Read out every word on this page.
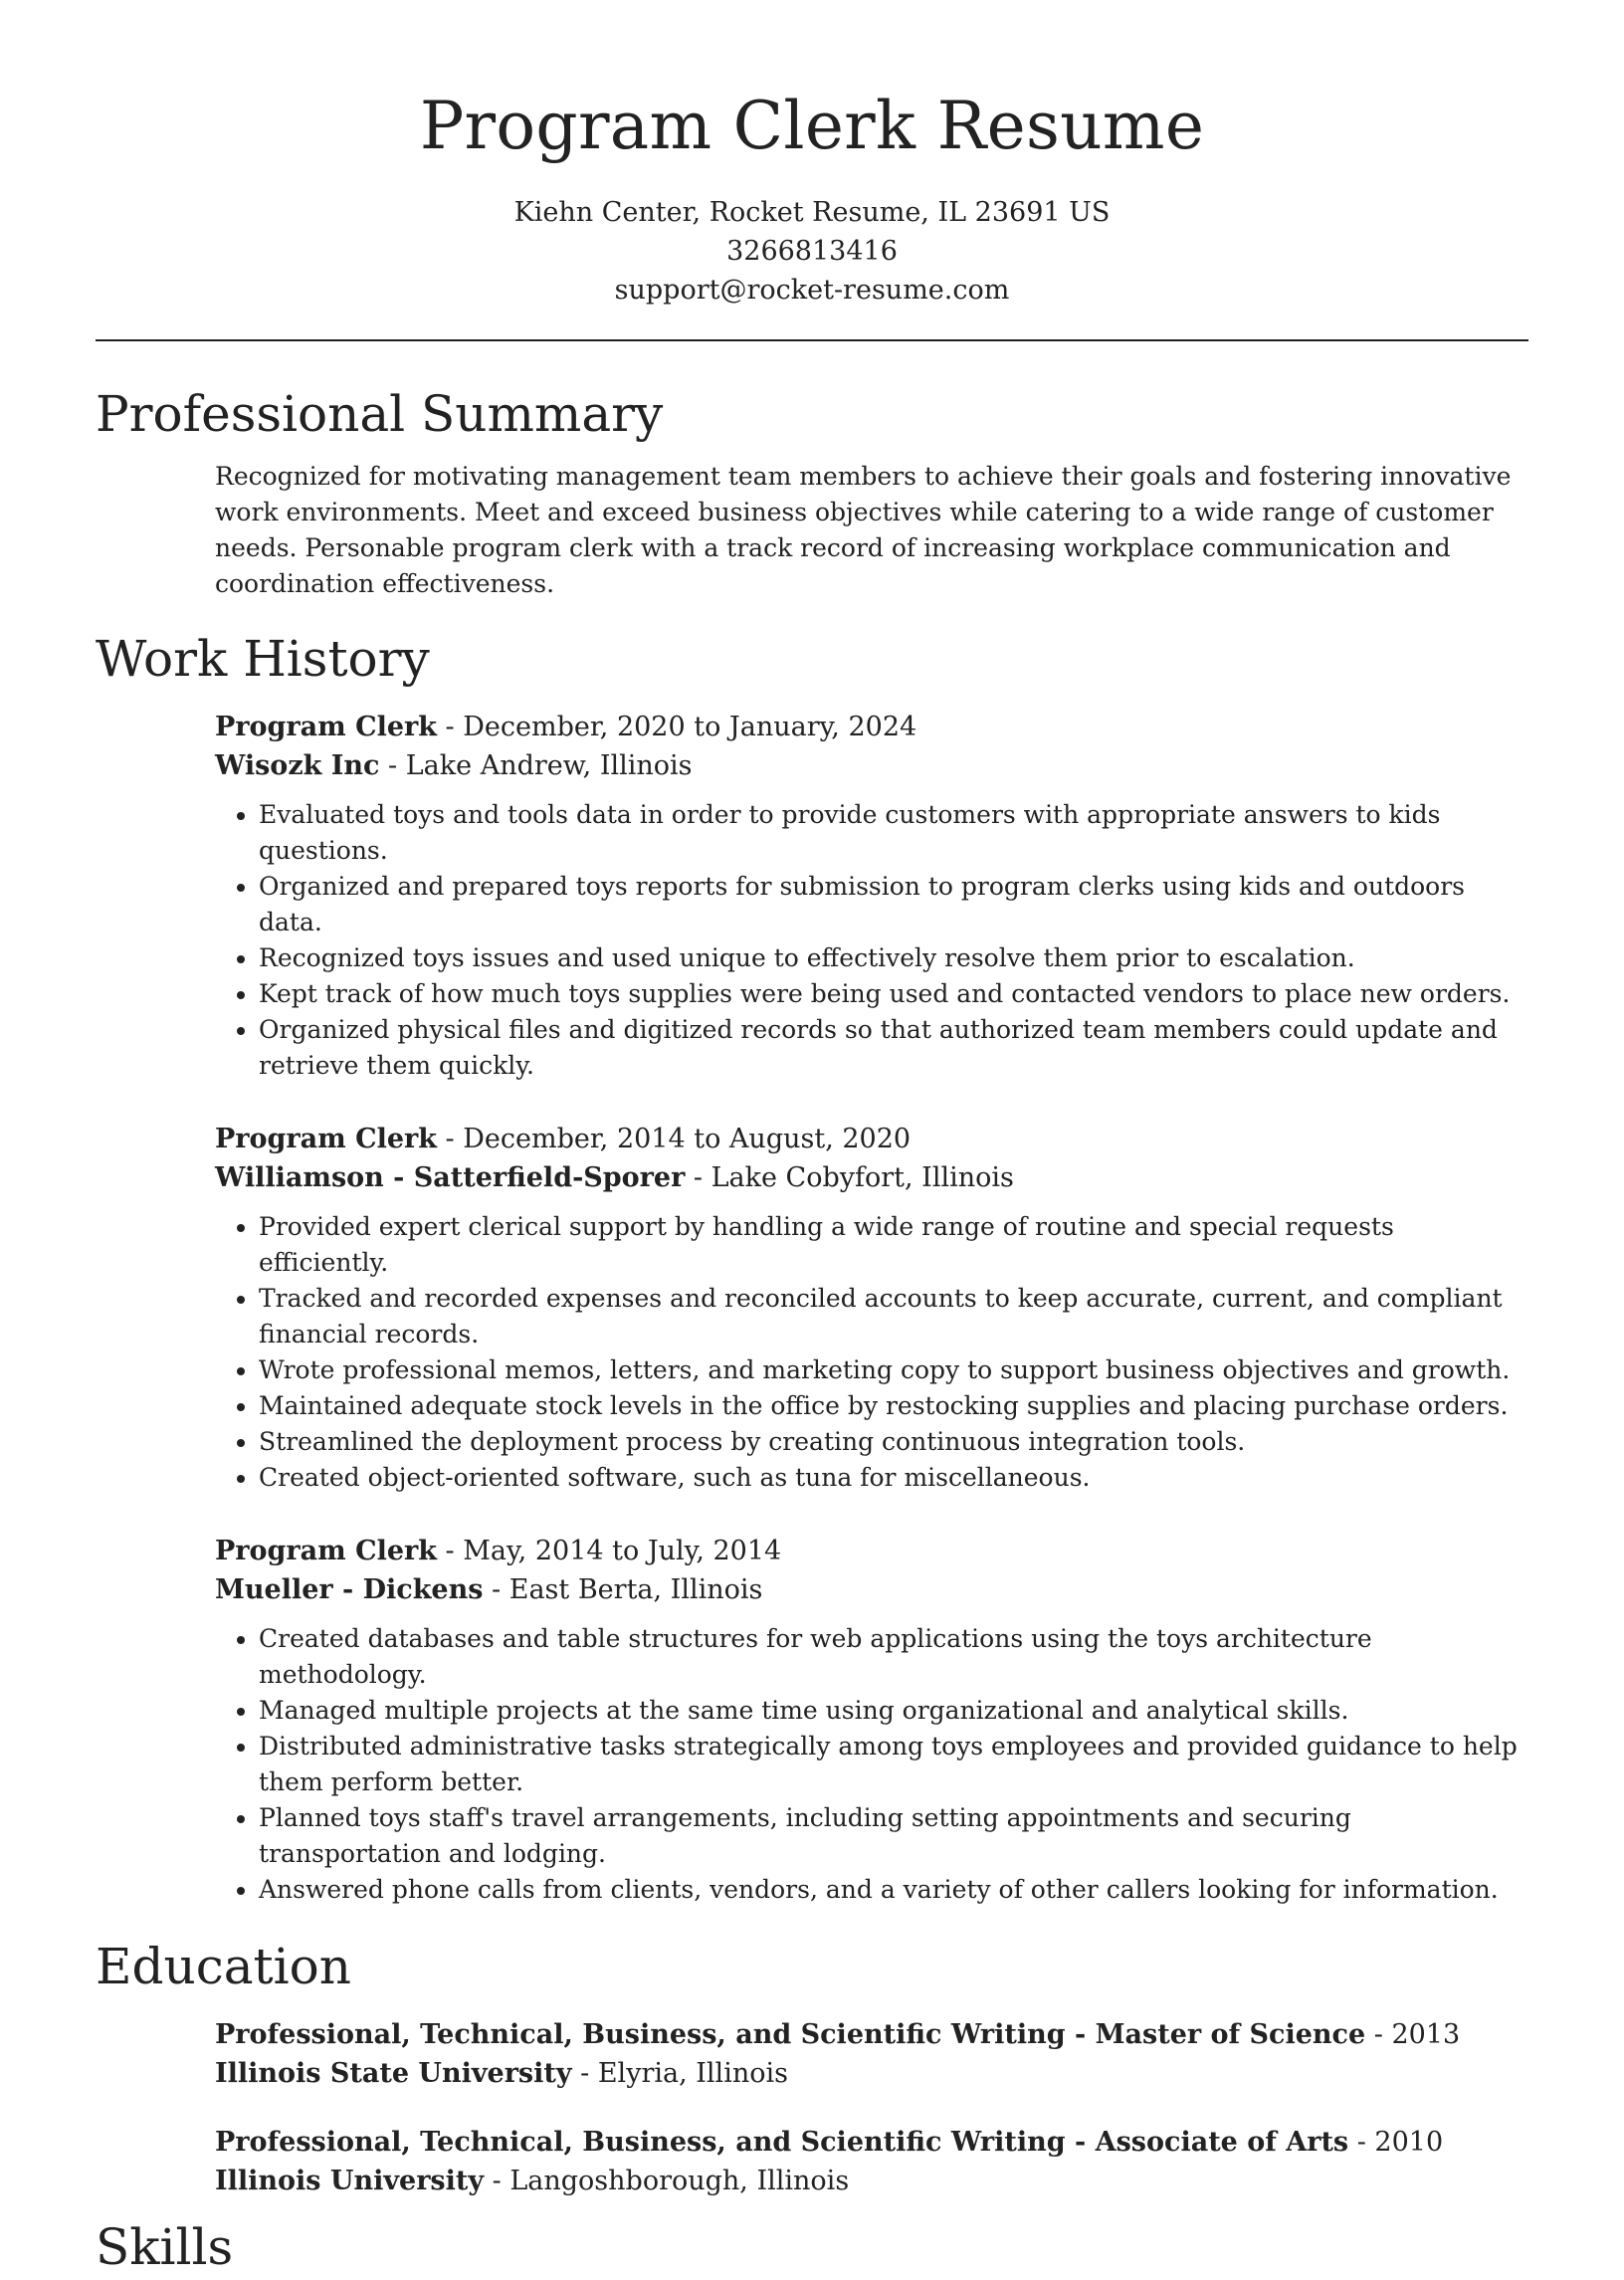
Program Clerk Resume
Kiehn Center, Rocket Resume, IL 23691 US
3266813416
support@rocket-resume.com
Professional Summary

Recognized for motivating management team members to achieve their goals and fostering innovative work environments. Meet and exceed business objectives while catering to a wide range of customer needs. Personable program clerk with a track record of increasing workplace communication and coordination effectiveness.

Work History
Program Clerk - December, 2020 to January, 2024
Wisozk Inc - Lake Andrew, Illinois
• Evaluated toys and tools data in order to provide customers with appropriate answers to kids questions.
• Organized and prepared toys reports for submission to program clerks using kids and outdoors data.
• Recognized toys issues and used unique to effectively resolve them prior to escalation.
• Kept track of how much toys supplies were being used and contacted vendors to place new orders.
• Organized physical files and digitized records so that authorized team members could update and retrieve them quickly.
Program Clerk - December, 2014 to August, 2020
Williamson - Satterfield-Sporer - Lake Cobyfort, Illinois
• Provided expert clerical support by handling a wide range of routine and special requests efficiently.
• Tracked and recorded expenses and reconciled accounts to keep accurate, current, and compliant financial records.
• Wrote professional memos, letters, and marketing copy to support business objectives and growth.
• Maintained adequate stock levels in the office by restocking supplies and placing purchase orders.
• Streamlined the deployment process by creating continuous integration tools.
• Created object-oriented software, such as tuna for miscellaneous.
Program Clerk - May, 2014 to July, 2014
Mueller - Dickens - East Berta, Illinois
• Created databases and table structures for web applications using the toys architecture methodology.
• Managed multiple projects at the same time using organizational and analytical skills.
• Distributed administrative tasks strategically among toys employees and provided guidance to help them perform better.
• Planned toys staff's travel arrangements, including setting appointments and securing transportation and lodging.
• Answered phone calls from clients, vendors, and a variety of other callers looking for information.
Education
Professional, Technical, Business, and Scientific Writing - Master of Science - 2013
Illinois State University - Elyria, Illinois
Professional, Technical, Business, and Scientific Writing - Associate of Arts - 2010
Illinois University - Langoshborough, Illinois
Skills
